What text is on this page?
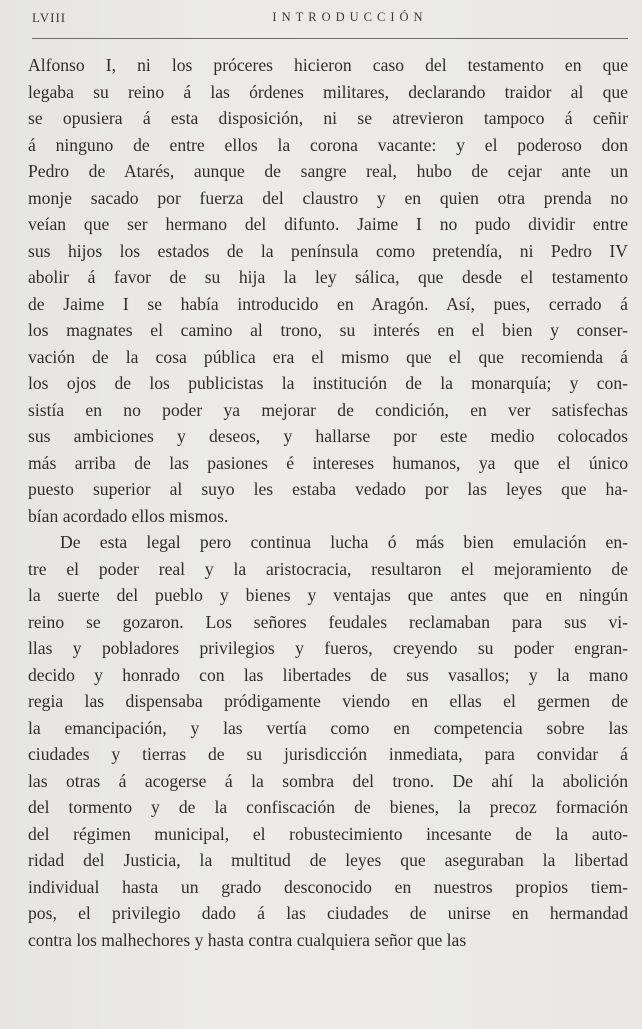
LVIII	INTRODUCCIÓN
Alfonso I, ni los próceres hicieron caso del testamento en que
legaba su reino á las órdenes militares, declarando traidor al que
se opusiera á esta disposición, ni se atrevieron tampoco á ceñir
á ninguno de entre ellos la corona vacante: y el poderoso don
Pedro de Atarés, aunque de sangre real, hubo de cejar ante un
monje sacado por fuerza del claustro y en quien otra prenda no
veían que ser hermano del difunto. Jaime I no pudo dividir entre
sus hijos los estados de la península como pretendía, ni Pedro IV
abolir á favor de su hija la ley sálica, que desde el testamento
de Jaime I se había introducido en Aragón. Así, pues, cerrado á
los magnates el camino al trono, su interés en el bien y conser-
vación de la cosa pública era el mismo que el que recomienda á
los ojos de los publicistas la institución de la monarquía; y con-
sistía en no poder ya mejorar de condición, en ver satisfechas
sus ambiciones y deseos, y hallarse por este medio colocados
más arriba de las pasiones é intereses humanos, ya que el único
puesto superior al suyo les estaba vedado por las leyes que ha-
bían acordado ellos mismos.
De esta legal pero continua lucha ó más bien emulación en-
tre el poder real y la aristocracia, resultaron el mejoramiento de
la suerte del pueblo y bienes y ventajas que antes que en ningún
reino se gozaron. Los señores feudales reclamaban para sus vi-
llas y pobladores privilegios y fueros, creyendo su poder engran-
decido y honrado con las libertades de sus vasallos; y la mano
regia las dispensaba pródigamente viendo en ellas el germen de
la emancipación, y las vertía como en competencia sobre las
ciudades y tierras de su jurisdicción inmediata, para convidar á
las otras á acogerse á la sombra del trono. De ahí la abolición
del tormento y de la confiscación de bienes, la precoz formación
del régimen municipal, el robustecimiento incesante de la auto-
ridad del Justicia, la multitud de leyes que aseguraban la libertad
individual hasta un grado desconocido en nuestros propios tiem-
pos, el privilegio dado á las ciudades de unirse en hermandad
contra los malhechores y hasta contra cualquiera señor que las
